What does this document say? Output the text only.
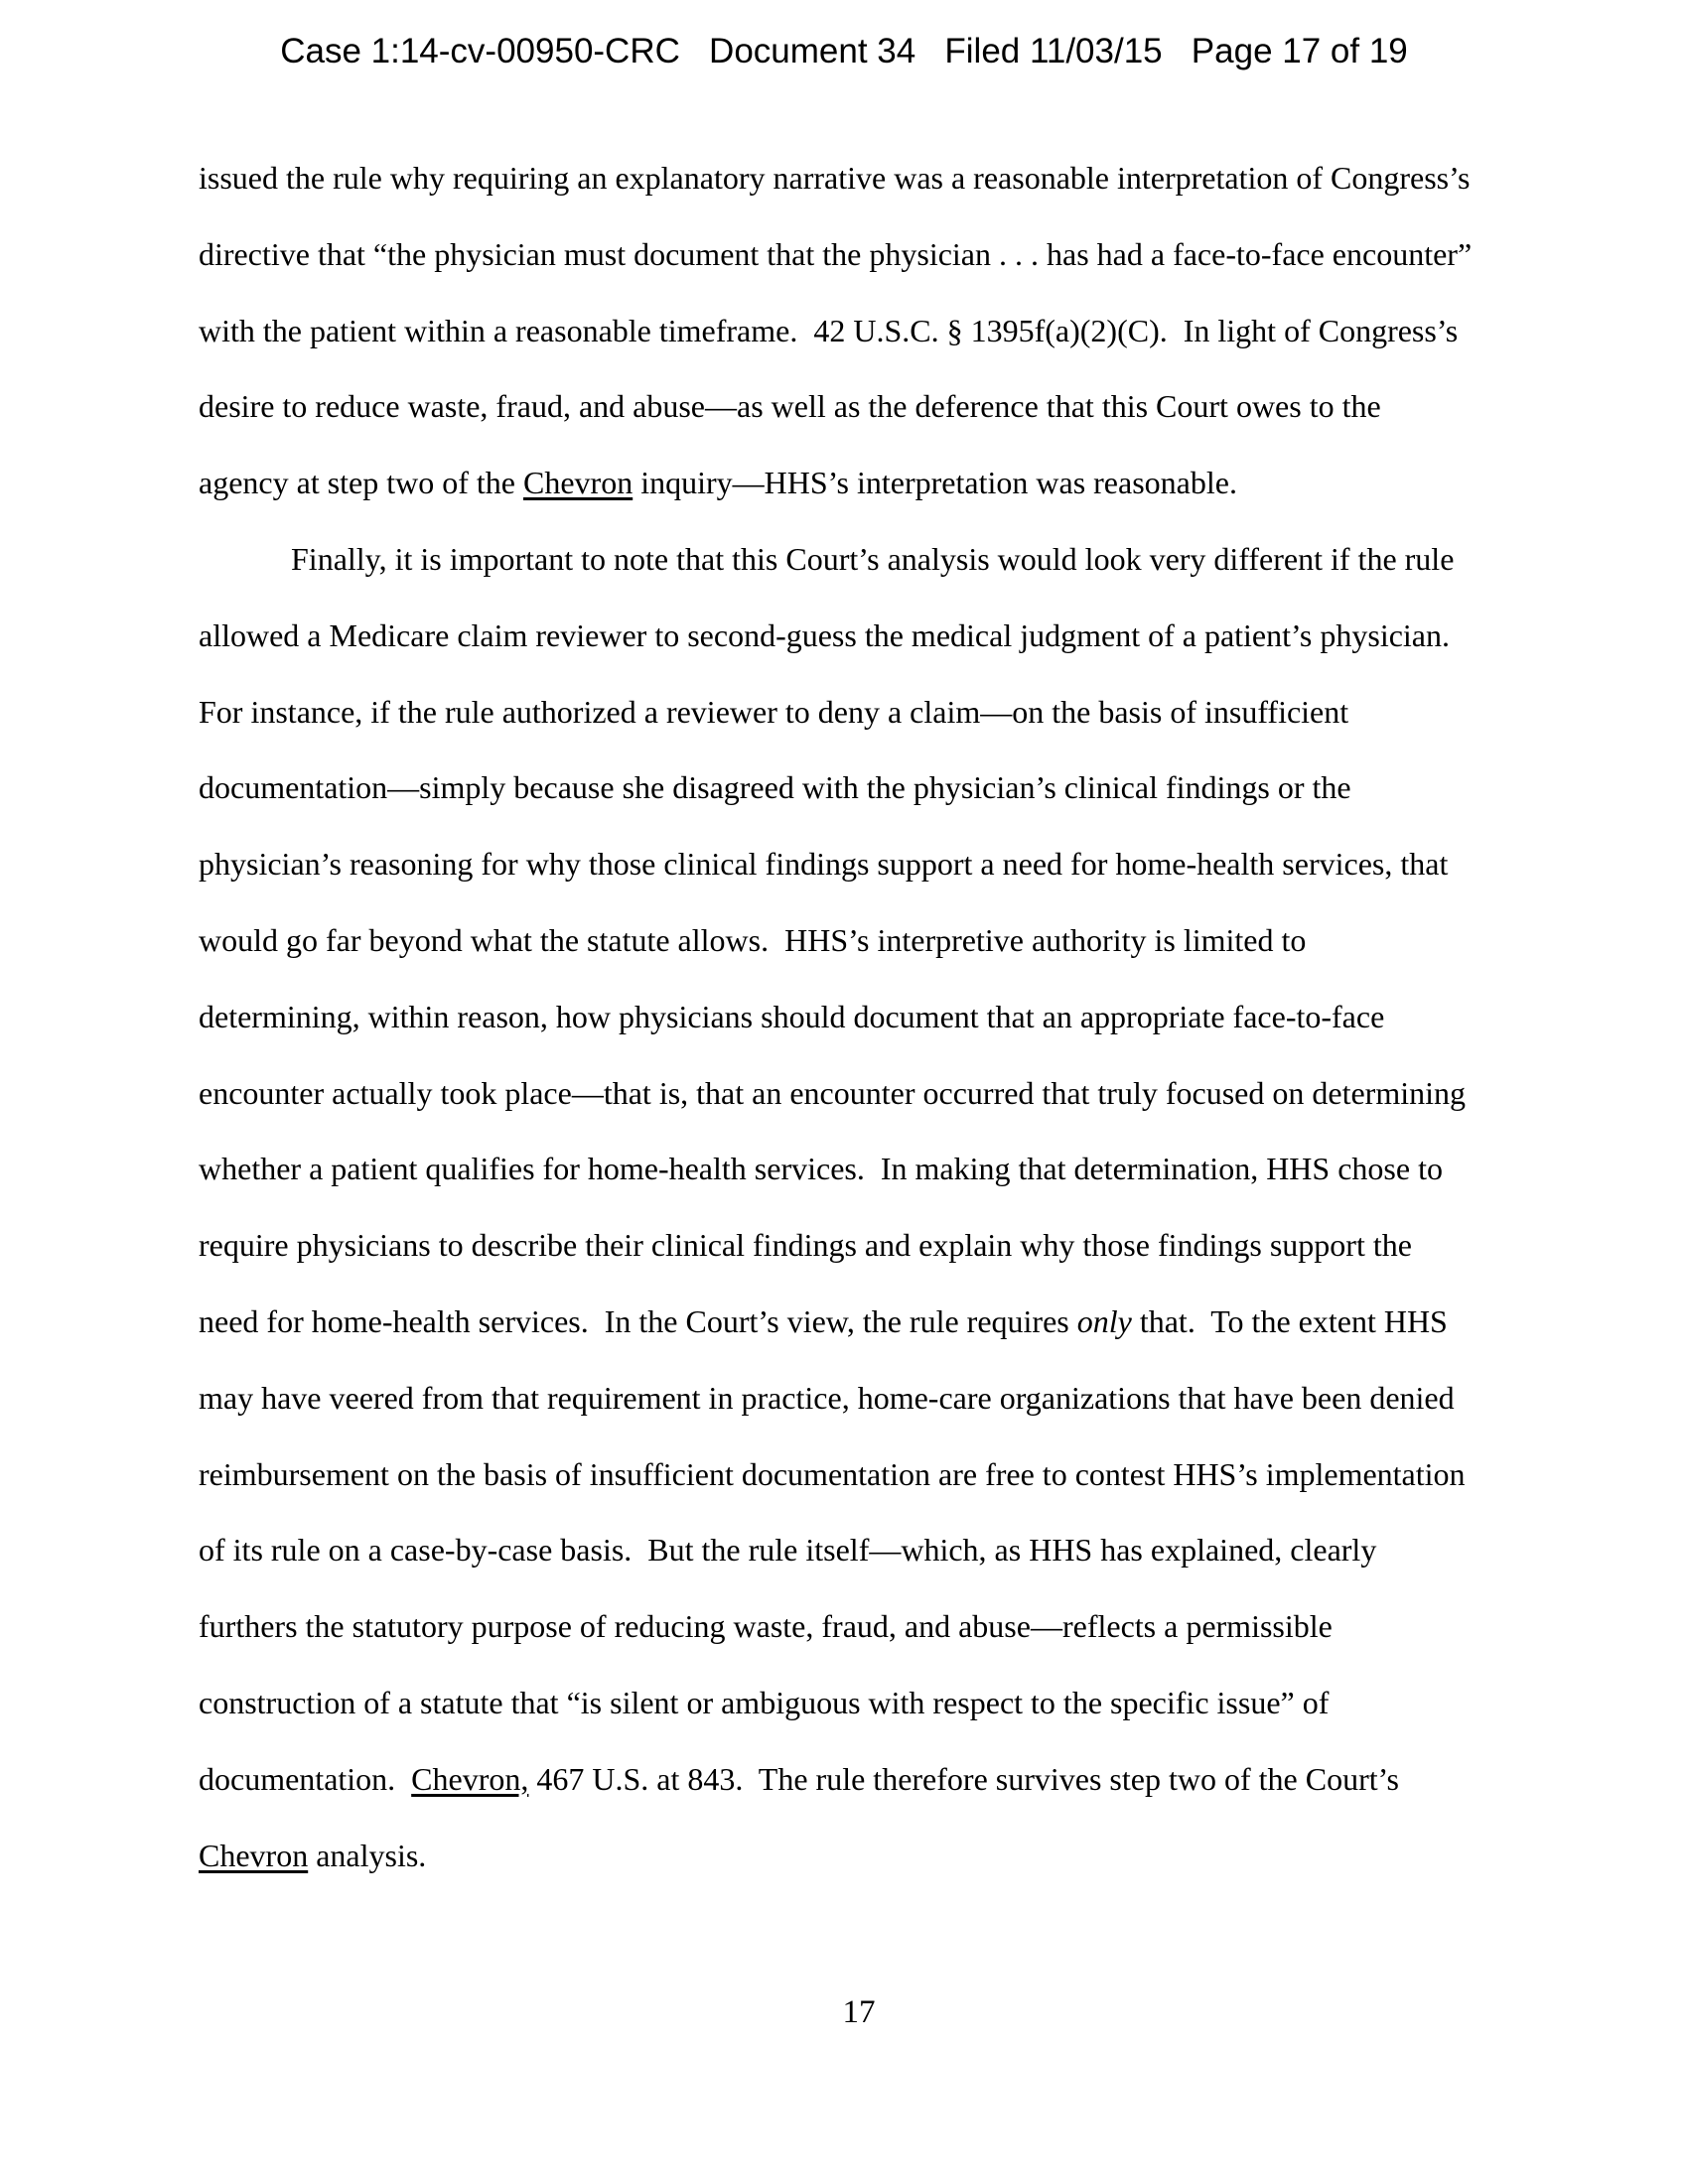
Case 1:14-cv-00950-CRC   Document 34   Filed 11/03/15   Page 17 of 19
issued the rule why requiring an explanatory narrative was a reasonable interpretation of Congress’s
directive that “the physician must document that the physician . . . has had a face-to-face encounter”
with the patient within a reasonable timeframe.  42 U.S.C. § 1395f(a)(2)(C).  In light of Congress’s
desire to reduce waste, fraud, and abuse—as well as the deference that this Court owes to the
agency at step two of the Chevron inquiry—HHS’s interpretation was reasonable.
Finally, it is important to note that this Court’s analysis would look very different if the rule
allowed a Medicare claim reviewer to second-guess the medical judgment of a patient’s physician.
For instance, if the rule authorized a reviewer to deny a claim—on the basis of insufficient
documentation—simply because she disagreed with the physician’s clinical findings or the
physician’s reasoning for why those clinical findings support a need for home-health services, that
would go far beyond what the statute allows.  HHS’s interpretive authority is limited to
determining, within reason, how physicians should document that an appropriate face-to-face
encounter actually took place—that is, that an encounter occurred that truly focused on determining
whether a patient qualifies for home-health services.  In making that determination, HHS chose to
require physicians to describe their clinical findings and explain why those findings support the
need for home-health services.  In the Court’s view, the rule requires only that.  To the extent HHS
may have veered from that requirement in practice, home-care organizations that have been denied
reimbursement on the basis of insufficient documentation are free to contest HHS’s implementation
of its rule on a case-by-case basis.  But the rule itself—which, as HHS has explained, clearly
furthers the statutory purpose of reducing waste, fraud, and abuse—reflects a permissible
construction of a statute that “is silent or ambiguous with respect to the specific issue” of
documentation.  Chevron, 467 U.S. at 843.  The rule therefore survives step two of the Court’s
Chevron analysis.
17
